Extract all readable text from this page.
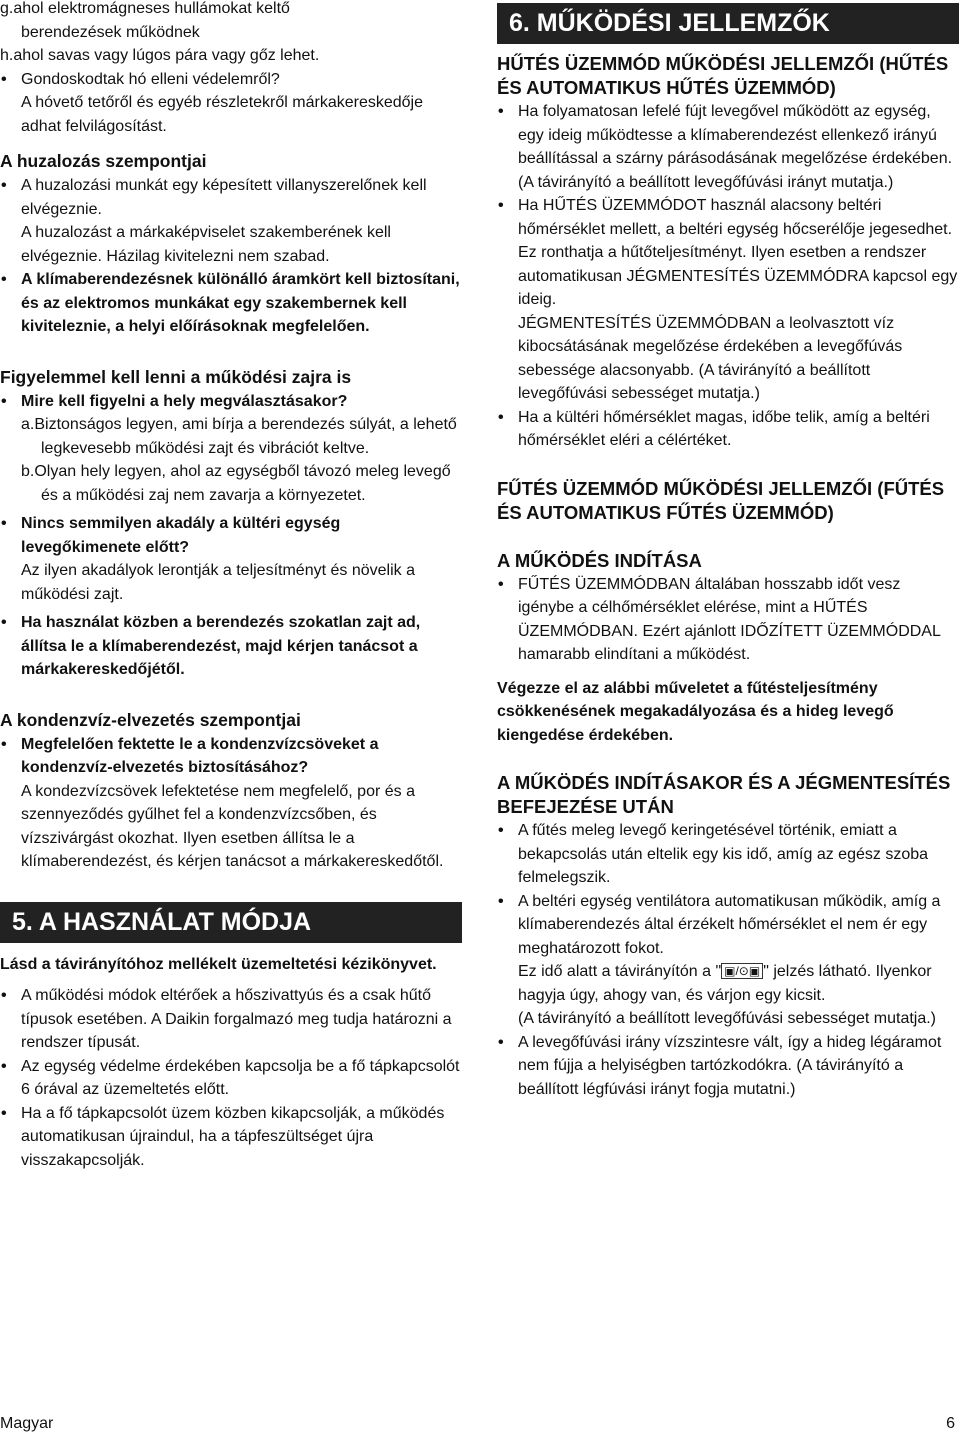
g.ahol elektromágneses hullámokat keltő

berendezések működnek

h.ahol savas vagy lúgos pára vagy gőz lehet.

• Gondoskodtak hó elleni védelemről?
A hóvető tetőről és egyéb részletekről márkakereskedője adhat felvilágosítást.

A huzalozás szempontjai

• A huzalozási munkát egy képesített villanyszerelőnek kell elvégeznie.
A huzalozást a márkaképviselet szakemberének kell elvégeznie. Házilag kivitelezni nem szabad.

• A klímaberendezésnek különálló áramkört kell biztosítani, és az elektromos munkákat egy szakembernek kell kiviteleznie, a helyi előírásoknak megfelelően.

Figyelemmel kell lenni a működési zajra is

• Mire kell figyelni a hely megválasztásakor?

a.Biztonságos legyen, ami bírja a berendezés súlyát, a lehető legkevesebb működési zajt és vibrációt keltve.

b.Olyan hely legyen, ahol az egységből távozó meleg levegő és a működési zaj nem zavarja a környezetet.

• Nincs semmilyen akadály a kültéri egység levegőkimenete előtt?
Az ilyen akadályok lerontják a teljesítményt és növelik a működési zajt.

• Ha használat közben a berendezés szokatlan zajt ad, állítsa le a klímaberendezést, majd kérjen tanácsot a márkakereskedőjétől.

A kondenzvíz-elvezetés szempontjai

• Megfelelően fektette le a kondenzvízcsöveket a kondenzvíz-elvezetés biztosításához?
A kondezvízcsövek lefektetése nem megfelelő, por és a szennyeződés gyűlhet fel a kondenzvízcsőben, és vízszivárgást okozhat. Ilyen esetben állítsa le a klímaberendezést, és kérjen tanácsot a márkakereskedőtől.

5. A HASZNÁLAT MÓDJA

Lásd a távirányítóhoz mellékelt üzemeltetési kézikönyvet.

• A működési módok eltérőek a hőszivattyús és a csak hűtő típusok esetében. A Daikin forgalmazó meg tudja határozni a rendszer típusát.

• Az egység védelme érdekében kapcsolja be a fő tápkapcsolót 6 órával az üzemeltetés előtt.

• Ha a fő tápkapcsolót üzem közben kikapcsolják, a működés automatikusan újraindul, ha a tápfeszültséget újra visszakapcsolják.

6. MŰKÖDÉSI JELLEMZŐK

HŰTÉS ÜZEMMÓD MŰKÖDÉSI JELLEMZŐI (HŰTÉS ÉS AUTOMATIKUS HŰTÉS ÜZEMMÓD)

• Ha folyamatosan lefelé fújt levegővel működött az egység, egy ideig működtesse a klímaberendezést ellenkező irányú beállítással a szárny párásodásának megelőzése érdekében. (A távirányító a beállított levegőfúvási irányt mutatja.)

• Ha HŰTÉS ÜZEMMÓDOT használ alacsony beltéri hőmérséklet mellett, a beltéri egység hőcserélője jegesedhet. Ez ronthatja a hűtőteljesítményt. Ilyen esetben a rendszer automatikusan JÉGMENTESÍTÉS ÜZEMMÓDRA kapcsol egy ideig.
JÉGMENTESÍTÉS ÜZEMMÓDBAN a leolvasztott víz kibocsátásának megelőzése érdekében a levegőfúvás sebessége alacsonyabb. (A távirányító a beállított levegőfúvási sebességet mutatja.)

• Ha a kültéri hőmérséklet magas, időbe telik, amíg a beltéri hőmérséklet eléri a célértéket.

FŰTÉS ÜZEMMÓD MŰKÖDÉSI JELLEMZŐI (FŰTÉS ÉS AUTOMATIKUS FŰTÉS ÜZEMMÓD)

A MŰKÖDÉS INDÍTÁSA

• FŰTÉS ÜZEMMÓDBAN általában hosszabb időt vesz igénybe a célhőmérséklet elérése, mint a HŰTÉS ÜZEMMÓDBAN. Ezért ajánlott IDŐZÍTETT ÜZEMMÓDDAL hamarabb elindítani a működést.

Végezze el az alábbi műveletet a fűtésteljesítmény csökkenésének megakadályozása és a hideg levegő kiengedése érdekében.

A MŰKÖDÉS INDÍTÁSAKOR ÉS A JÉGMENTESÍTÉS BEFEJEZÉSE UTÁN

• A fűtés meleg levegő keringetésével történik, emiatt a bekapcsolás után eltelik egy kis idő, amíg az egész szoba felmelegszik.

• A beltéri egység ventilátora automatikusan működik, amíg a klímaberendezés által érzékelt hőmérséklet el nem ér egy meghatározott fokot.
Ez idő alatt a távirányítón a " ▣/⊙▣ " jelzés látható. Ilyenkor hagyja úgy, ahogy van, és várjon egy kicsit.
(A távirányító a beállított levegőfúvási sebességet mutatja.)

• A levegőfúvási irány vízszintesre vált, így a hideg légáramot nem fújja a helyiségben tartózkodókra. (A távirányító a beállított légfúvási irányt fogja mutatni.)

Magyar	6
